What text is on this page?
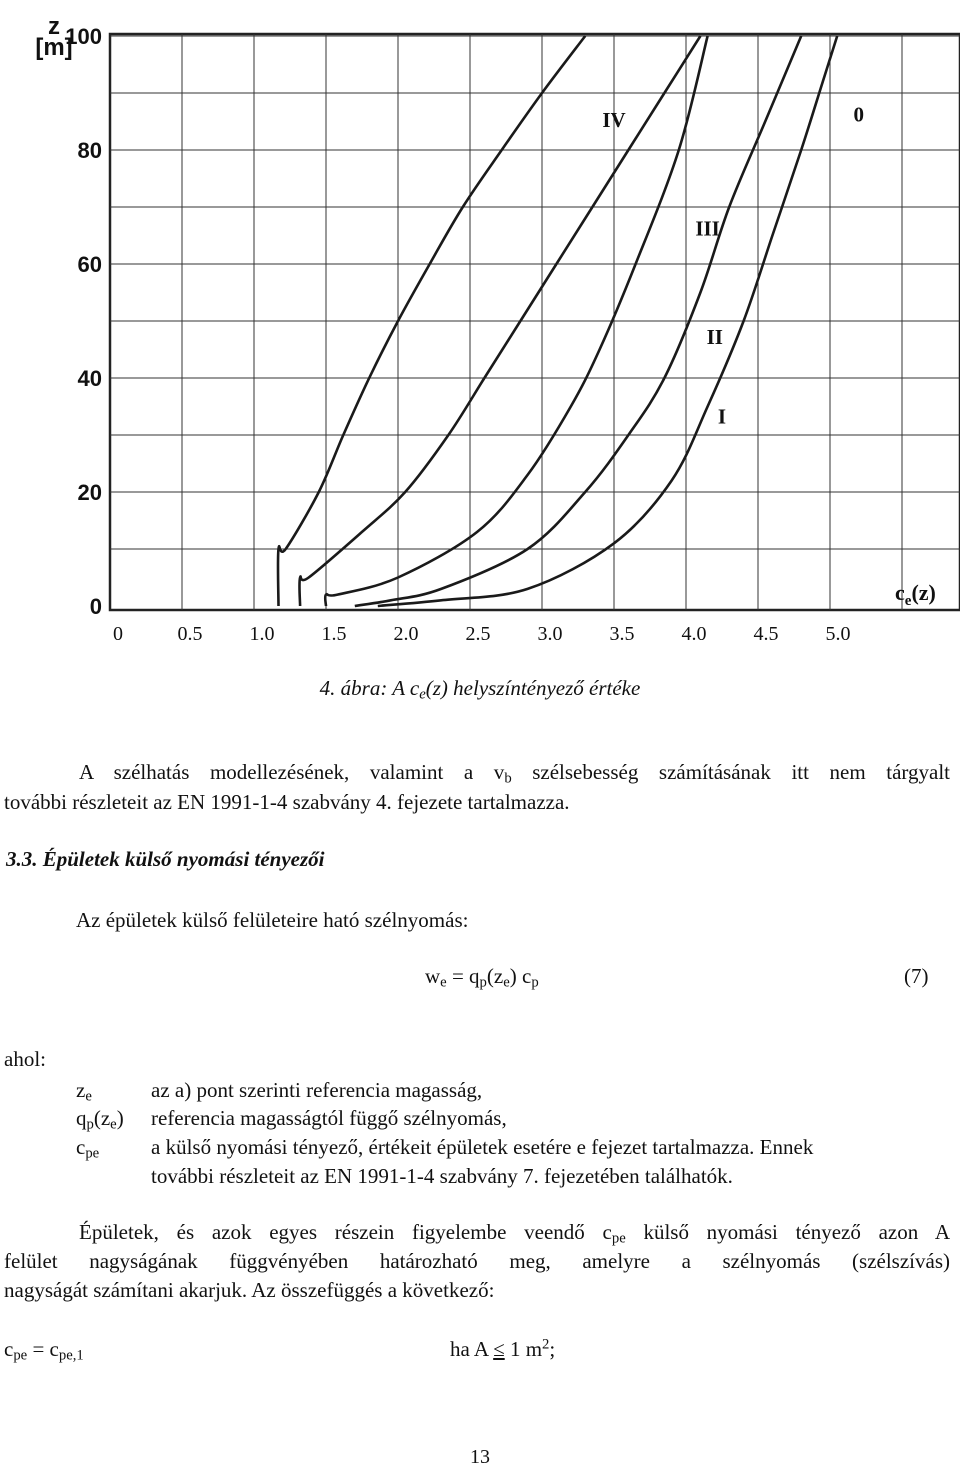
IV
III
II
I
0
0
20
40
60
80
100
0	0.5 1.0 1.5 2.0 2.5 3.0 3.5 4.0 4.5 5.0
z
[m]
$c_e(z)$
4. ábra: A $c_e(z)$ helyszíntényező értéke
A szélhatás modellezésének, valamint a $v_b$ szélsebesség számításának itt nem tárgyalt
további részleteit az EN 1991-1-4 szabvány 4. fejezete tartalmazza.
3.3. Épületek külső nyomási tényezői
Az épületek külső felületeire ható szélnyomás:
$w_e = q_p(z_e)$ $c_p$	(7)
ahol:
$z_e$	az a) pont szerinti referencia magasság,
$q_p(z_e)$ referencia magasságtól függő szélnyomás,
$c_{pe}$ a külső nyomási tényező, értékeit épületek esetére e fejezet tartalmazza. Ennek
további részleteit az EN 1991-1-4 szabvány 7. fejezetében találhatók.
Épületek, és azok egyes részein figyelembe veendő $c_{pe}$ külső nyomási tényező azon A
felület nagyságának függvényében határozható meg, amelyre a szélnyomás (szélszívás)
nagyságát számítani akarjuk. Az összefüggés a következő:
$c_{pe} = c_{pe,1}$	ha A ≤ 1 $m^2$;
13
